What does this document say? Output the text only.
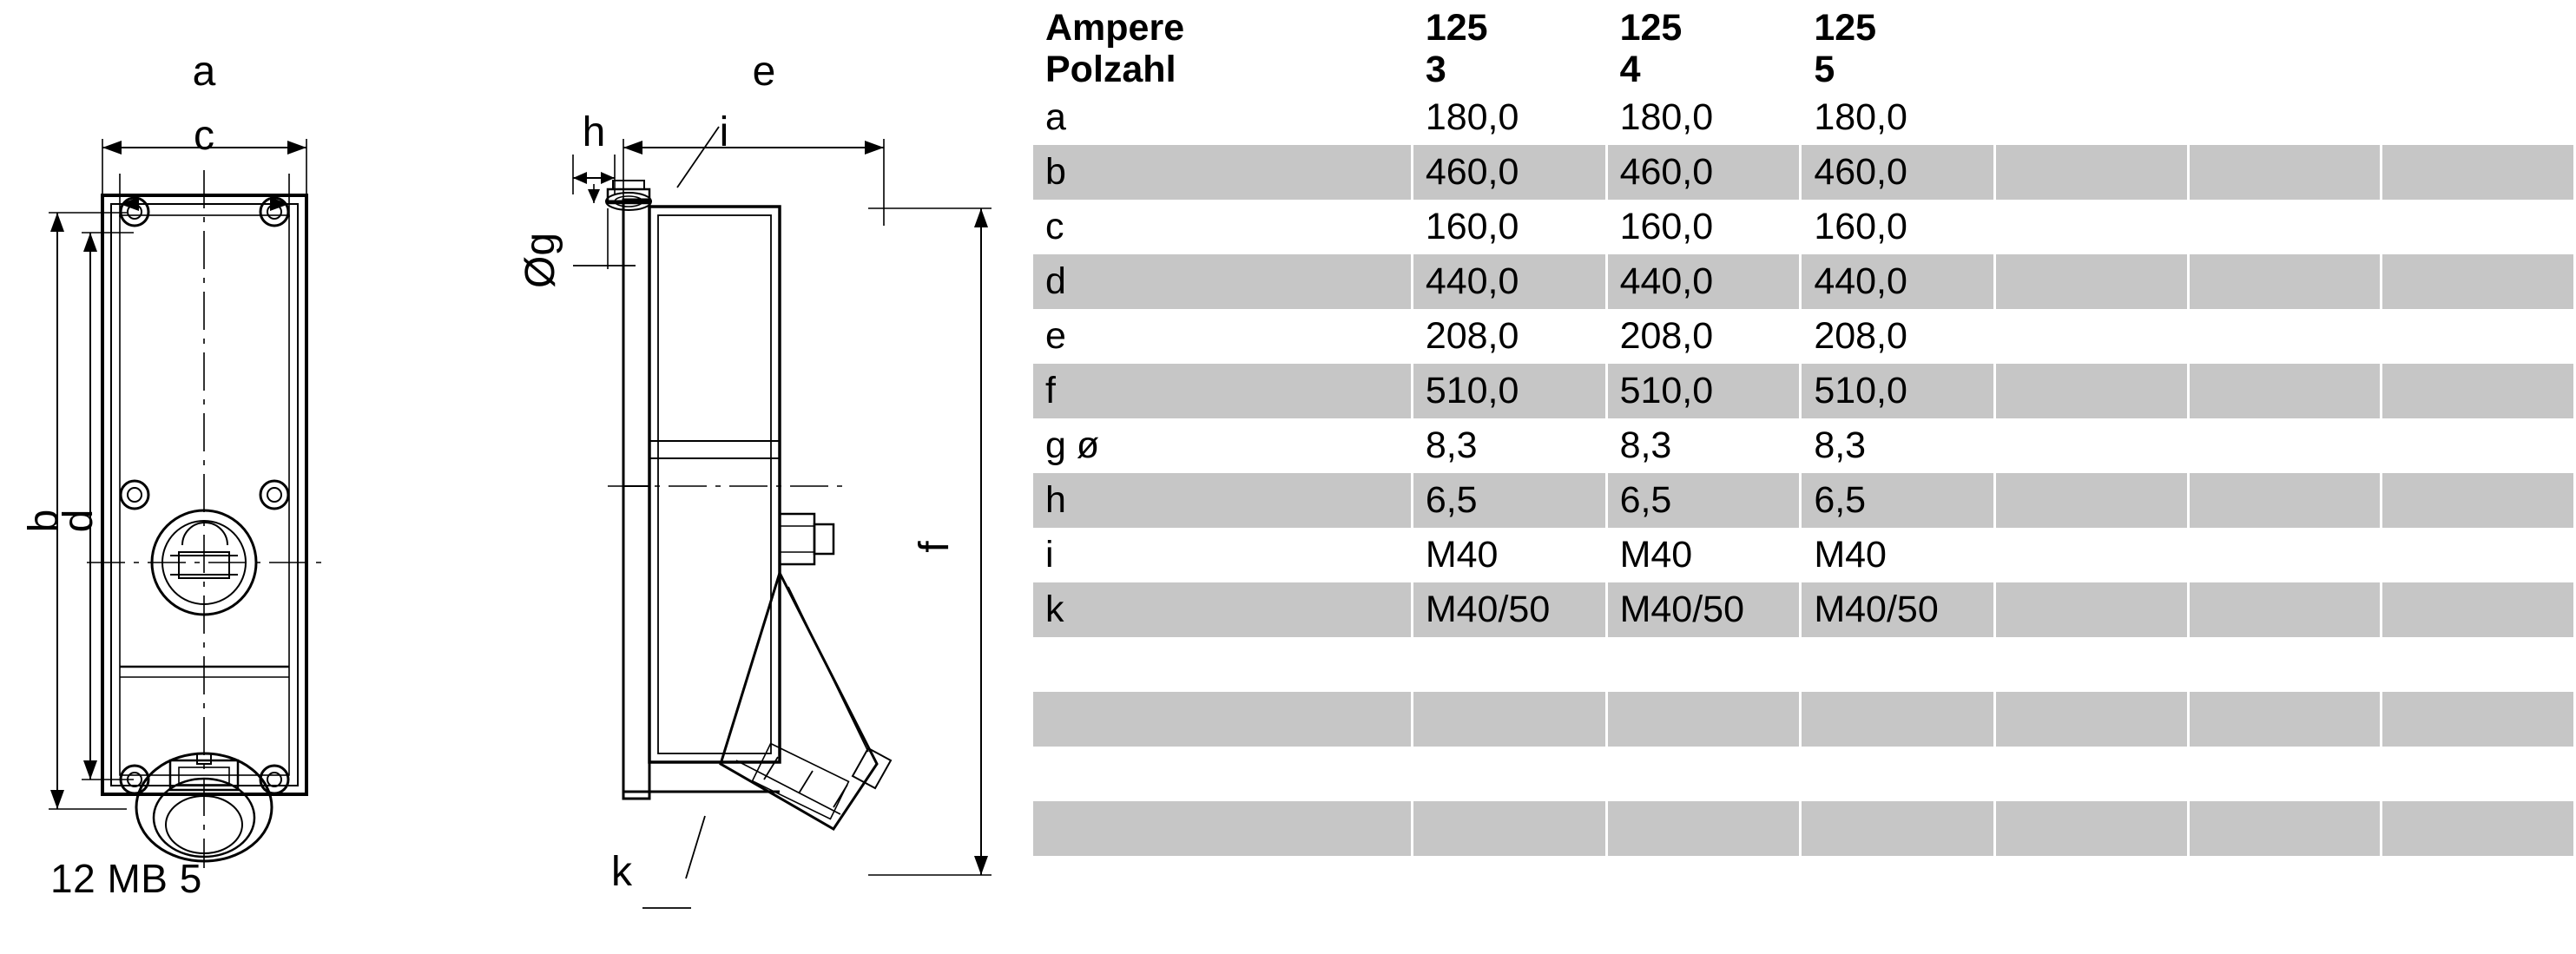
a
c
b
d
e
h	i
Øg
f
k
12 MB 5
Ampere	125	125	125			
Polzahl	3	4	5			
a	180,0	180,0	180,0			
b	460,0	460,0	460,0			
c	160,0	160,0	160,0			
d	440,0	440,0	440,0			
e	208,0	208,0	208,0			
f	510,0	510,0	510,0			
g ø	8,3	8,3	8,3			
h	6,5	6,5	6,5			
i	M40	M40	M40			
k	M40/50	M40/50	M40/50			
